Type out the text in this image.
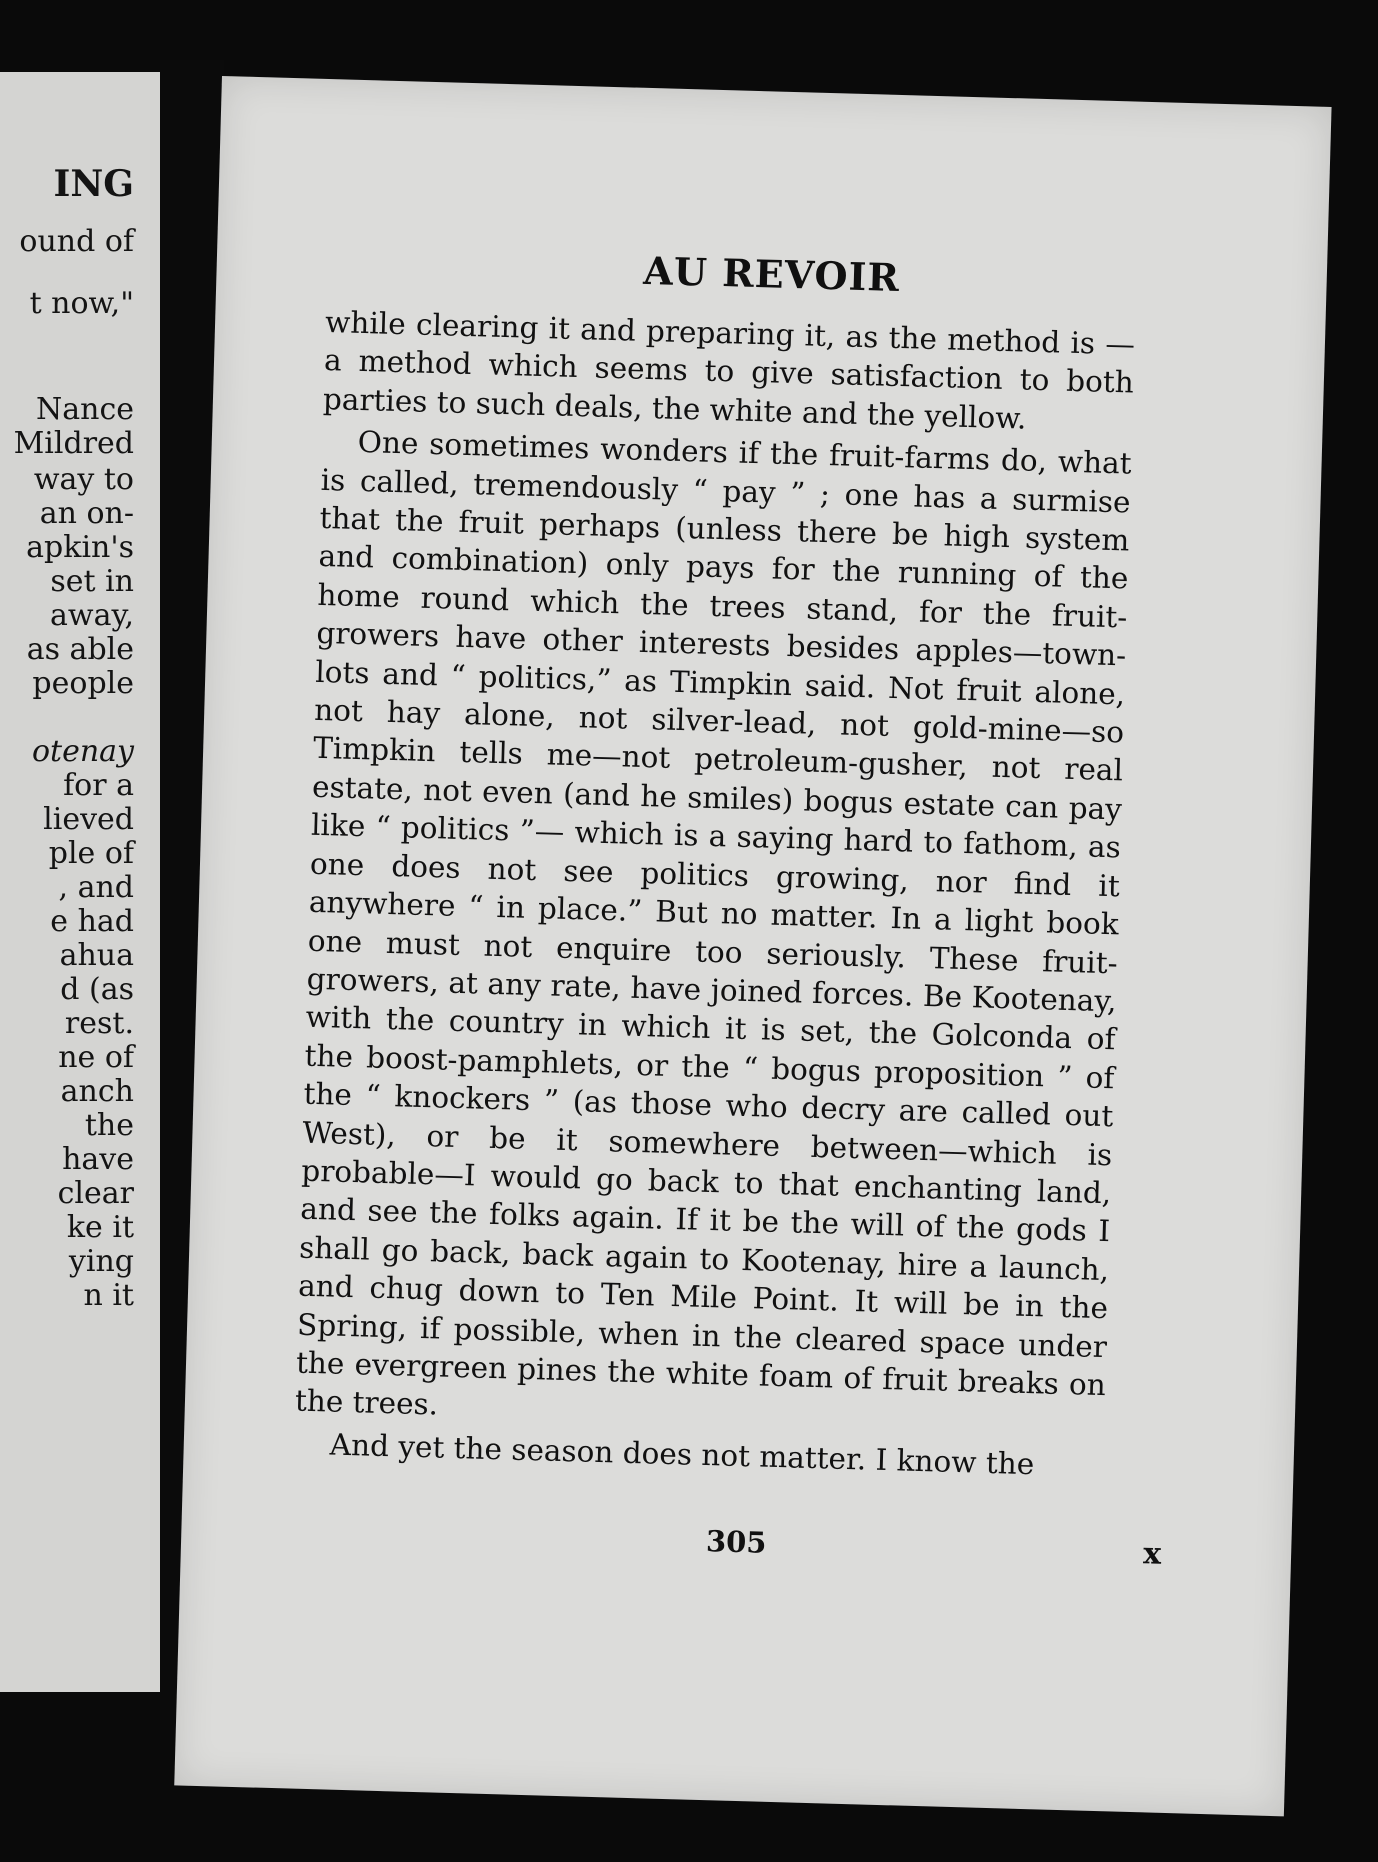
ING
ound of
t now,"
Nance
Mildred
way to
an on-
apkin's
set in
away,
as able
people
otenay
for a
lieved
ple of
, and
e had
ahua
d (as
rest.
ne of
anch
the
have
clear
ke it
ying
n it
AU REVOIR

while clearing it and preparing it, as the method is —a method which seems to give satisfaction to both parties to such deals, the white and the yellow.

One sometimes wonders if the fruit-farms do, what is called, tremendously “ pay ” ; one has a surmise that the fruit perhaps (unless there be high system and combination) only pays for the running of the home round which the trees stand, for the fruit-growers have other interests besides apples—town-lots and “ politics,” as Timpkin said. Not fruit alone, not hay alone, not silver-lead, not gold-mine—so Timpkin tells me—not petroleum-gusher, not real estate, not even (and he smiles) bogus estate can pay like “ politics ”— which is a saying hard to fathom, as one does not see politics growing, nor find it anywhere “ in place.” But no matter. In a light book one must not enquire too seriously. These fruit-growers, at any rate, have joined forces. Be Kootenay, with the country in which it is set, the Golconda of the boost-pamphlets, or the “ bogus proposition ” of the “ knockers ” (as those who decry are called out West), or be it somewhere between—which is probable—I would go back to that enchanting land, and see the folks again. If it be the will of the gods I shall go back, back again to Kootenay, hire a launch, and chug down to Ten Mile Point. It will be in the Spring, if possible, when in the cleared space under the evergreen pines the white foam of fruit breaks on the trees.

And yet the season does not matter. I know the

305	x
